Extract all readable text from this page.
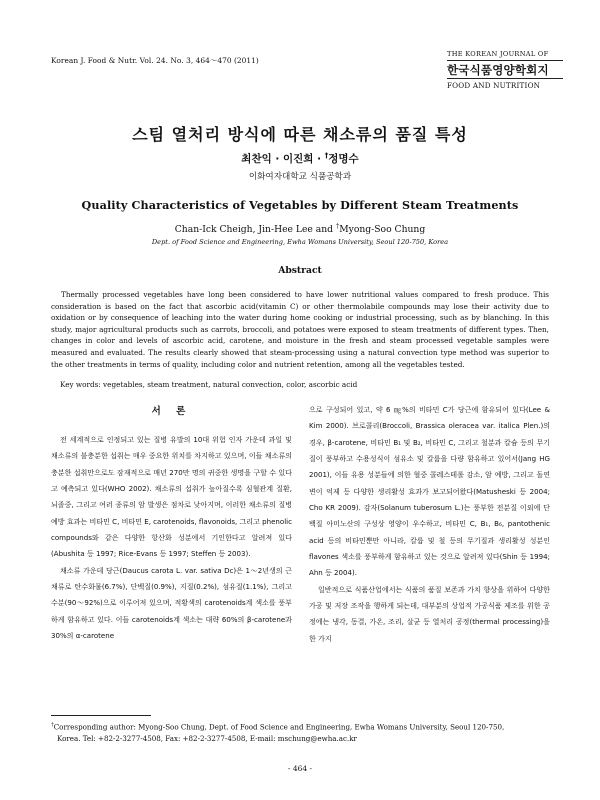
Korean J. Food & Nutr. Vol. 24. No. 3, 464～470 (2011)
THE KOREAN JOURNAL OF
한국식품영양학회지
FOOD AND NUTRITION
스팀 열처리 방식에 따른 채소류의 품질 특성
최찬익 · 이진희 · †정명수
이화여자대학교 식품공학과
Quality Characteristics of Vegetables by Different Steam Treatments
Chan-Ick Cheigh, Jin-Hee Lee and †Myong-Soo Chung
Dept. of Food Science and Engineering, Ewha Womans University, Seoul 120-750, Korea
Abstract

Thermally processed vegetables have long been considered to have lower nutritional values compared to fresh produce. This consideration is based on the fact that ascorbic acid(vitamin C) or other thermolabile compounds may lose their activity due to oxidation or by consequence of leaching into the water during home cooking or industrial processing, such as by blanching. In this study, major agricultural products such as carrots, broccoli, and potatoes were exposed to steam treatments of different types. Then, changes in color and levels of ascorbic acid, carotene, and moisture in the fresh and steam processed vegetable samples were measured and evaluated. The results clearly showed that steam-processing using a natural convection type method was superior to the other treatments in terms of quality, including color and nutrient retention, among all the vegetables tested.

Key words: vegetables, steam treatment, natural convection, color, ascorbic acid
서 론

전 세계적으로 인정되고 있는 질병 유발의 10대 위험 인자 가운데 과일 및 채소류의 불충분한 섭취는 매우 중요한 위치를 차지하고 있으며, 이들 채소류의 충분한 섭취만으로도 잠재적으로 매년 270만 명의 귀중한 생명을 구할 수 있다고 예측되고 있다(WHO 2002). 채소류의 섭취가 높아질수록 심혈관계 질환, 뇌졸중, 그리고 여러 종류의 암 발생은 점차로 낮아지며, 이러한 채소류의 질병 예방 효과는 비타민 C, 비타민 E, carotenoids, flavonoids, 그리고 phenolic compounds와 같은 다양한 항산화 성분에서 기인한다고 알려져 있다(Abushita 등 1997; Rice-Evans 등 1997; Steffen 등 2003).

채소류 가운데 당근(Daucus carota L. var. sativa Dc)은 1～2년생의 근채류로 탄수화물(6.7%), 단백질(0.9%), 지질(0.2%), 섬유질(1.1%), 그리고 수분(90～92%)으로 이루어져 있으며, 적황색의 carotenoids계 색소를 풍부하게 함유하고 있다. 이들 carotenoids계 색소는 대략 60%의 β-carotene과 30%의 α-carotene

으로 구성되어 있고, 약 6 ㎎%의 비타민 C가 당근에 함유되어 있다(Lee & Kim 2000). 브로콜리(Broccoli, Brassica oleracea var. italica Plen.)의 경우, β-carotene, 비타민 B₁ 및 B₂, 비타민 C, 그리고 철분과 칼슘 등의 무기질이 풍부하고 수용성식이 섬유소 및 칼륨을 다량 함유하고 있어서(Jang HG 2001), 이들 유용 성분들에 의한 혈중 콜레스테롤 감소, 암 예방, 그리고 돌연변이 억제 등 다양한 생리활성 효과가 보고되어왔다(Matusheski 등 2004; Cho KR 2009). 감자(Solanum tuberosum L.)는 풍부한 전분질 이외에 단백질 아미노산의 구성상 영양이 우수하고, 비타민 C, B₁, B₆, pantothenic acid 등의 비타민뿐만 아니라, 칼륨 및 철 등의 무기질과 생리활성 성분인 flavones 색소를 풍부하게 함유하고 있는 것으로 알려져 있다(Shin 등 1994; Ahn 등 2004).

일반적으로 식품산업에서는 식품의 품질 보존과 가치 향상을 위하여 다양한 가공 및 저장 조작을 행하게 되는데, 대부분의 상업적 가공식품 제조를 위한 공정에는 냉각, 동결, 가온, 조리, 살균 등 열처리 공정(thermal processing)을 한 가지

†Corresponding author: Myong-Soo Chung, Dept. of Food Science and Engineering, Ewha Womans University, Seoul 120-750,
Korea. Tel: +82-2-3277-4508, Fax: +82-2-3277-4508, E-mail: mschung@ewha.ac.kr
- 464 -
